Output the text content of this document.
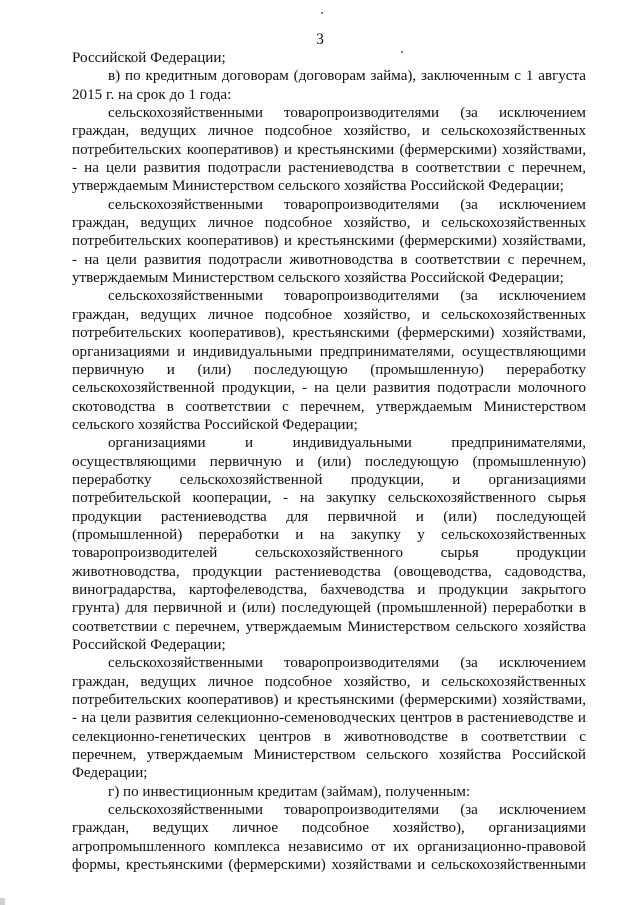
3
Российской Федерации;
в) по кредитным договорам (договорам займа), заключенным с 1 августа
2015 г. на срок до 1 года:
сельскохозяйственными товаропроизводителями (за исключением
граждан, ведущих личное подсобное хозяйство, и сельскохозяйственных
потребительских кооперативов) и крестьянскими (фермерскими) хозяйствами,
- на цели развития подотрасли растениеводства в соответствии с перечнем,
утверждаемым Министерством сельского хозяйства Российской Федерации;
сельскохозяйственными товаропроизводителями (за исключением
граждан, ведущих личное подсобное хозяйство, и сельскохозяйственных
потребительских кооперативов) и крестьянскими (фермерскими) хозяйствами,
- на цели развития подотрасли животноводства в соответствии с перечнем,
утверждаемым Министерством сельского хозяйства Российской Федерации;
сельскохозяйственными товаропроизводителями (за исключением
граждан, ведущих личное подсобное хозяйство, и сельскохозяйственных
потребительских кооперативов), крестьянскими (фермерскими) хозяйствами,
организациями и индивидуальными предпринимателями, осуществляющими
первичную и (или) последующую (промышленную) переработку
сельскохозяйственной продукции, - на цели развития подотрасли молочного
скотоводства в соответствии с перечнем, утверждаемым Министерством
сельского хозяйства Российской Федерации;
организациями и индивидуальными предпринимателями,
осуществляющими первичную и (или) последующую (промышленную)
переработку сельскохозяйственной продукции, и организациями
потребительской кооперации, - на закупку сельскохозяйственного сырья
продукции растениеводства для первичной и (или) последующей
(промышленной) переработки и на закупку у сельскохозяйственных
товаропроизводителей сельскохозяйственного сырья продукции
животноводства, продукции растениеводства (овощеводства, садоводства,
виноградарства, картофелеводства, бахчеводства и продукции закрытого
грунта) для первичной и (или) последующей (промышленной) переработки в
соответствии с перечнем, утверждаемым Министерством сельского хозяйства
Российской Федерации;
сельскохозяйственными товаропроизводителями (за исключением
граждан, ведущих личное подсобное хозяйство, и сельскохозяйственных
потребительских кооперативов) и крестьянскими (фермерскими) хозяйствами,
- на цели развития селекционно-семеноводческих центров в растениеводстве и
селекционно-генетических центров в животноводстве в соответствии с
перечнем, утверждаемым Министерством сельского хозяйства Российской
Федерации;
г) по инвестиционным кредитам (займам), полученным:
сельскохозяйственными товаропроизводителями (за исключением
граждан, ведущих личное подсобное хозяйство), организациями
агропромышленного комплекса независимо от их организационно-правовой
формы, крестьянскими (фермерскими) хозяйствами и сельскохозяйственными
